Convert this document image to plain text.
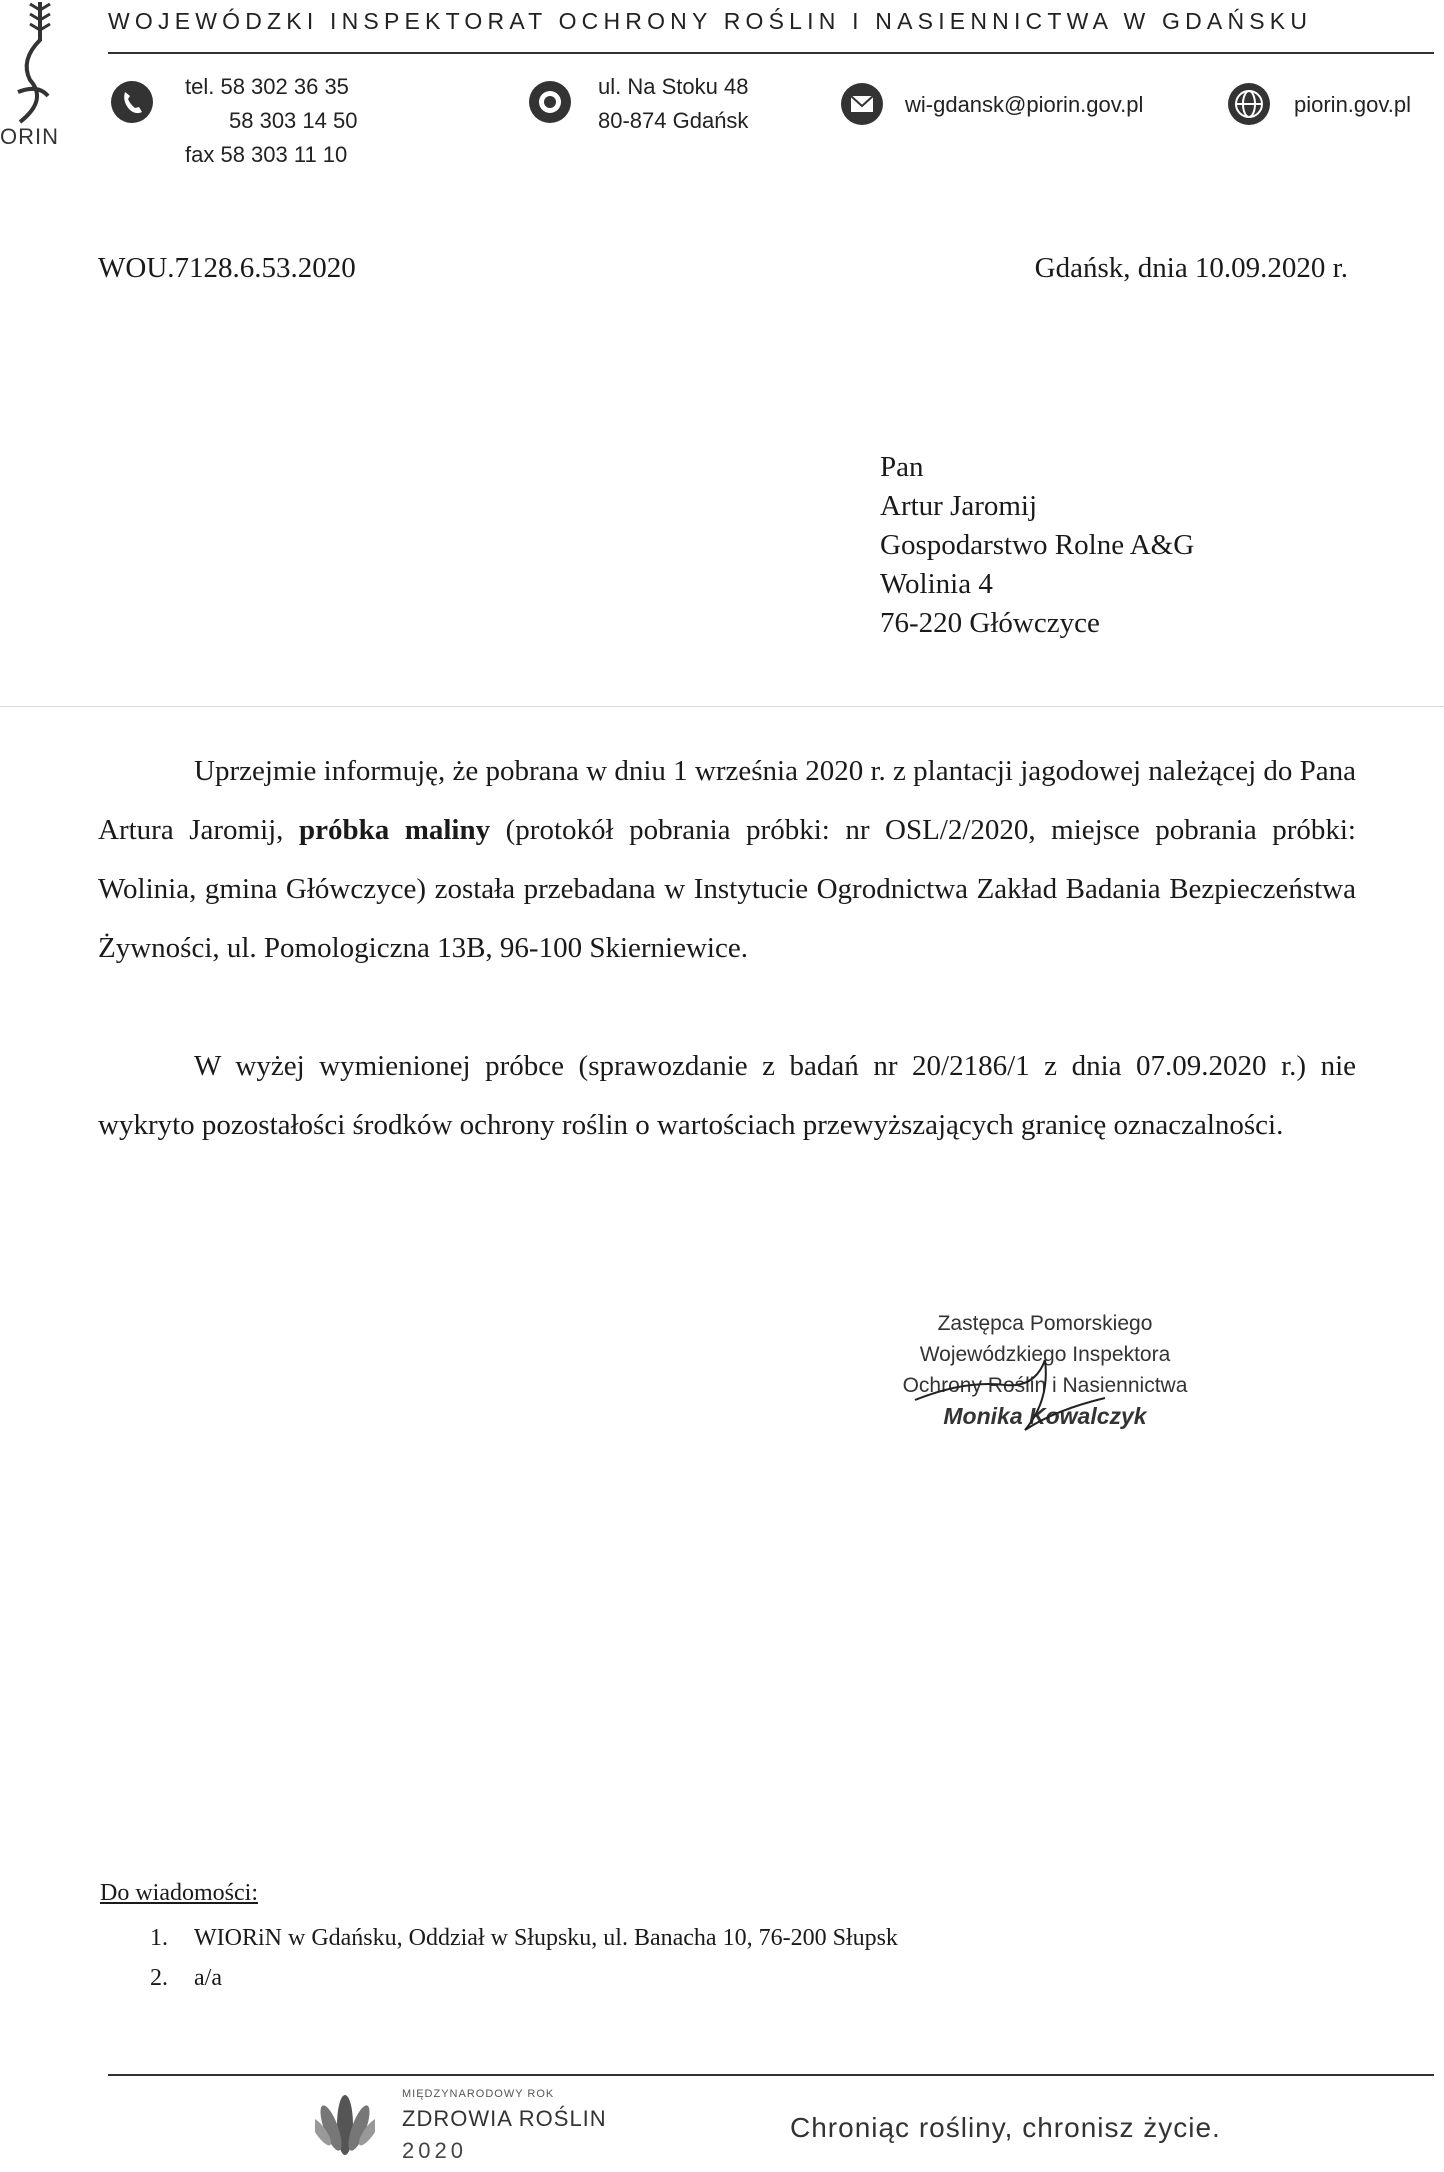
ORIN
WOJEWÓDZKI INSPEKTORAT OCHRONY ROŚLIN I NASIENNICTWA W GDAŃSKU
tel. 58 302 36 35
58 303 14 50
fax 58 303 11 10
ul. Na Stoku 48
80-874 Gdańsk
wi-gdansk@piorin.gov.pl	piorin.gov.pl
WOU.7128.6.53.2020	Gdańsk, dnia 10.09.2020 r.
Pan
Artur Jaromij
Gospodarstwo Rolne A&G
Wolinia 4
76-220 Główczyce

Uprzejmie informuję, że pobrana w dniu 1 września 2020 r. z plantacji jagodowej należącej do Pana Artura Jaromij, próbka maliny (protokół pobrania próbki: nr OSL/2/2020, miejsce pobrania próbki: Wolinia, gmina Główczyce) została przebadana w Instytucie Ogrodnictwa Zakład Badania Bezpieczeństwa Żywności, ul. Pomologiczna 13B, 96-100 Skierniewice.

W wyżej wymienionej próbce (sprawozdanie z badań nr 20/2186/1 z dnia 07.09.2020 r.) nie wykryto pozostałości środków ochrony roślin o wartościach przewyższających granicę oznaczalności.

Zastępca Pomorskiego
Wojewódzkiego Inspektora
Ochrony Roślin i Nasiennictwa
Monika Kowalczyk
Do wiadomości:
1. WIORiN w Gdańsku, Oddział w Słupsku, ul. Banacha 10, 76-200 Słupsk
2. a/a
MIĘDZYNARODOWY ROK
ZDROWIA ROŚLIN
2020
Chroniąc rośliny, chronisz życie.
